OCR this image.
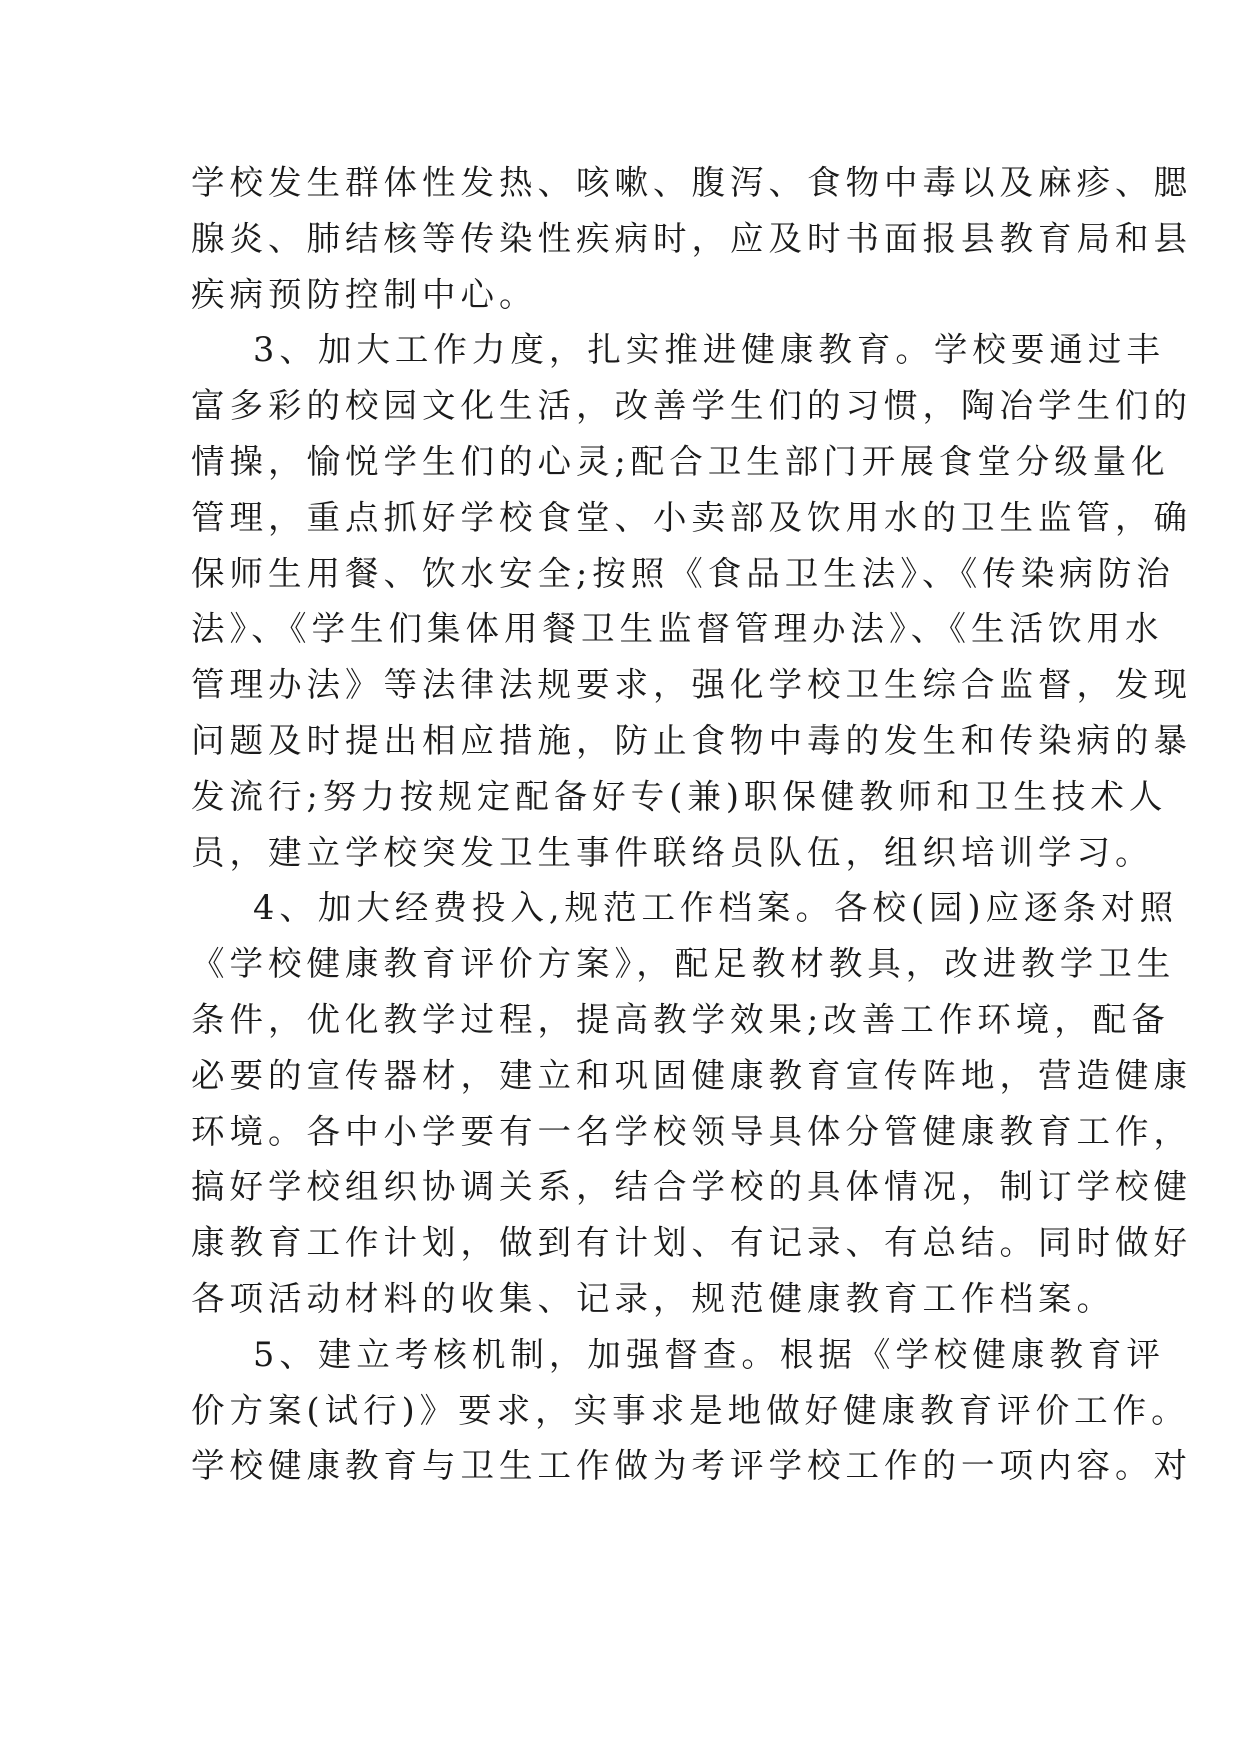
学校发生群体性发热、咳嗽、腹泻、食物中毒以及麻疹、腮
腺炎、肺结核等传染性疾病时，应及时书面报县教育局和县
疾病预防控制中心。
3、加大工作力度，扎实推进健康教育。学校要通过丰
富多彩的校园文化生活，改善学生们的习惯，陶冶学生们的
情操，愉悦学生们的心灵;配合卫生部门开展食堂分级量化
管理，重点抓好学校食堂、小卖部及饮用水的卫生监管，确
保师生用餐、饮水安全;按照《食品卫生法》、《传染病防治
法》、《学生们集体用餐卫生监督管理办法》、《生活饮用水
管理办法》等法律法规要求，强化学校卫生综合监督，发现
问题及时提出相应措施，防止食物中毒的发生和传染病的暴
发流行;努力按规定配备好专(兼)职保健教师和卫生技术人
员，建立学校突发卫生事件联络员队伍，组织培训学习。
4、加大经费投入,规范工作档案。各校(园)应逐条对照
《学校健康教育评价方案》，配足教材教具，改进教学卫生
条件，优化教学过程，提高教学效果;改善工作环境，配备
必要的宣传器材，建立和巩固健康教育宣传阵地，营造健康
环境。各中小学要有一名学校领导具体分管健康教育工作，
搞好学校组织协调关系，结合学校的具体情况，制订学校健
康教育工作计划，做到有计划、有记录、有总结。同时做好
各项活动材料的收集、记录，规范健康教育工作档案。
5、建立考核机制，加强督查。根据《学校健康教育评
价方案(试行)》要求，实事求是地做好健康教育评价工作。
学校健康教育与卫生工作做为考评学校工作的一项内容。对
